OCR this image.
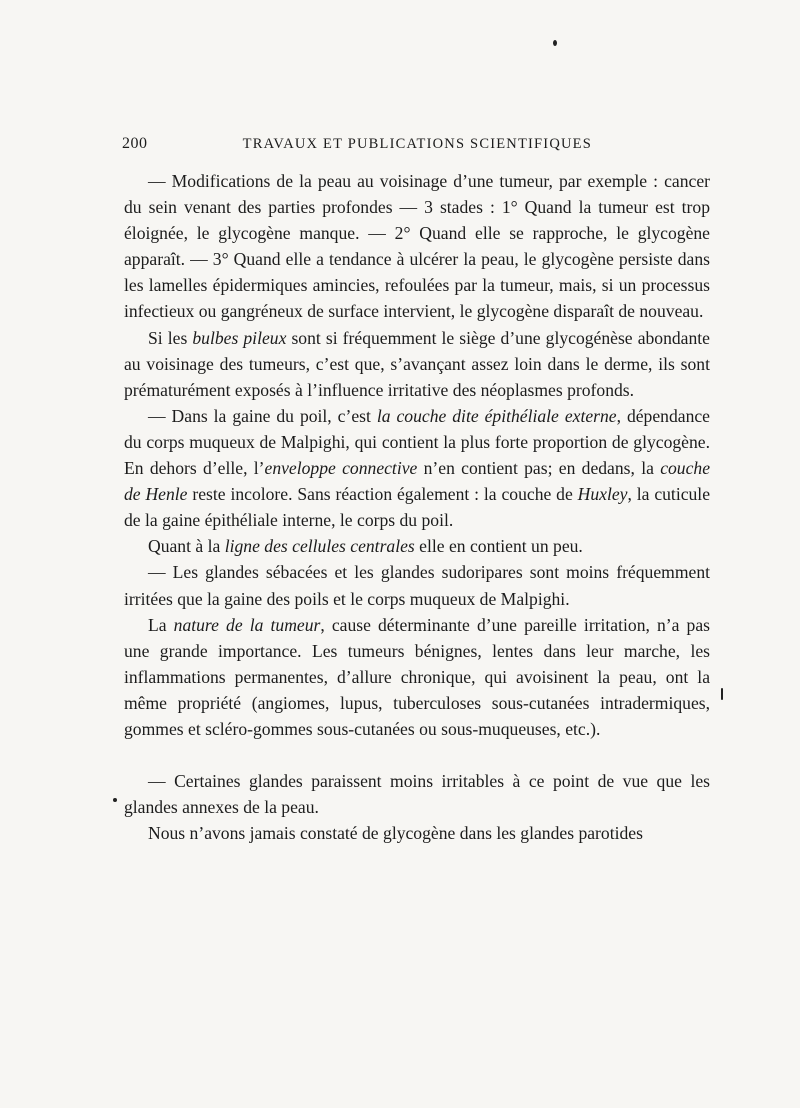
200	TRAVAUX ET PUBLICATIONS SCIENTIFIQUES

— Modifications de la peau au voisinage d’une tumeur, par exemple : cancer du sein venant des parties profondes — 3 stades : 1° Quand la tumeur est trop éloignée, le glycogène manque. — 2° Quand elle se rapproche, le glycogène apparaît. — 3° Quand elle a tendance à ulcérer la peau, le glycogène persiste dans les lamelles épidermiques amincies, refoulées par la tumeur, mais, si un processus infectieux ou gangréneux de surface intervient, le glycogène disparaît de nouveau.

Si les bulbes pileux sont si fréquemment le siège d’une glycogénèse abondante au voisinage des tumeurs, c’est que, s’avançant assez loin dans le derme, ils sont prématurément exposés à l’influence irritative des néoplasmes profonds.

— Dans la gaine du poil, c’est la couche dite épithéliale externe, dépendance du corps muqueux de Malpighi, qui contient la plus forte proportion de glycogène. En dehors d’elle, l’enveloppe connective n’en contient pas; en dedans, la couche de Henle reste incolore. Sans réaction également : la couche de Huxley, la cuticule de la gaine épithéliale interne, le corps du poil.

Quant à la ligne des cellules centrales elle en contient un peu.

— Les glandes sébacées et les glandes sudoripares sont moins fréquemment irritées que la gaine des poils et le corps muqueux de Malpighi.

La nature de la tumeur, cause déterminante d’une pareille irritation, n’a pas une grande importance. Les tumeurs bénignes, lentes dans leur marche, les inflammations permanentes, d’allure chronique, qui avoisinent la peau, ont la même propriété (angiomes, lupus, tuberculoses sous-cutanées intradermiques, gommes et scléro-gommes sous-cutanées ou sous-muqueuses, etc.).

— Certaines glandes paraissent moins irritables à ce point de vue que les glandes annexes de la peau.

Nous n’avons jamais constaté de glycogène dans les glandes parotides
